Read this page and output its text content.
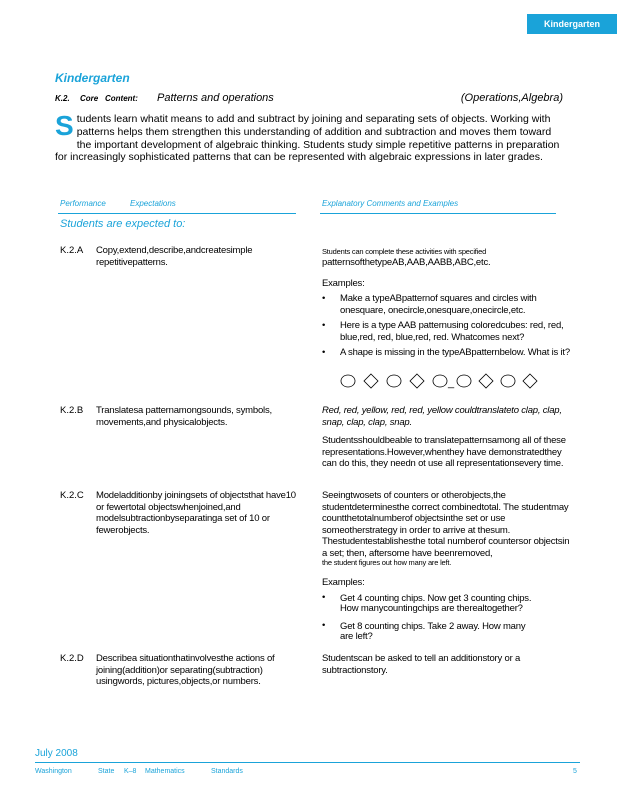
Kindergarten
Kindergarten
K.2. Core Content: Patterns and operations	(Operations,Algebra)
Students learn whatit means to add and subtract by joining and separating sets of objects. Working with patterns helps them strengthen this understanding of addition and subtraction and moves them toward the important development of algebraic thinking. Students study simple repetitive patterns in preparation for increasingly sophisticated patterns that can be represented with algebraic expressions in later grades.
Performance	Expectations	Explanatory Comments and Examples
Students are expected to:
K.2.A Copy,extend,describe,andcreatesimple repetitivepatterns.
Students can complete these activities with specified
patternsofthetypeAB,AAB,AABB,ABC,etc.
Examples:
• Make a typeABpatternof squares and circles with onesquare, onecircle,onesquare,onecircle,etc.
• Here is a type AAB patternusing coloredcubes: red, red, blue,red, red, blue,red, red. Whatcomes next?
• A shape is missing in the typeABpatternbelow. What is it?
_
K.2.B Translatesa patternamongsounds, symbols, movements,and physicalobjects.
Red, red, yellow, red, red, yellow couldtranslateto clap, clap, snap, clap, clap, snap.
Studentsshouldbeable to translatepatternsamong all of these representations.However,whenthey have demonstratedthey can do this, they needn ot use all representationsevery time.
K.2.C Modeladditionby joiningsets of objectsthat have10 or fewertotal objectswhenjoined,and modelsubtractionbyseparatinga set of 10 or fewerobjects.
Seeingtwosets of counters or otherobjects,the studentdeterminesthe correct combinedtotal. The studentmay countthetotalnumberof objectsinthe set or use someotherstrategy in order to arrive at thesum. Thestudentestablishesthe total numberof countersor objectsin a set; then, aftersome have beenremoved,
the student figures out how many are left.
Examples:
• Get 4 counting chips. Now get 3 counting chips.
How manycountingchips are therealtogether?
• Get 8 counting chips. Take 2 away. How many
are left?
K.2.D Describea situationthatinvolvesthe actions of joining(addition)or separating(subtraction) usingwords, pictures,objects,or numbers.
Studentscan be asked to tell an additionstory or a subtractionstory.
July 2008
Washington	State K–8 Mathematics	Standards	5
